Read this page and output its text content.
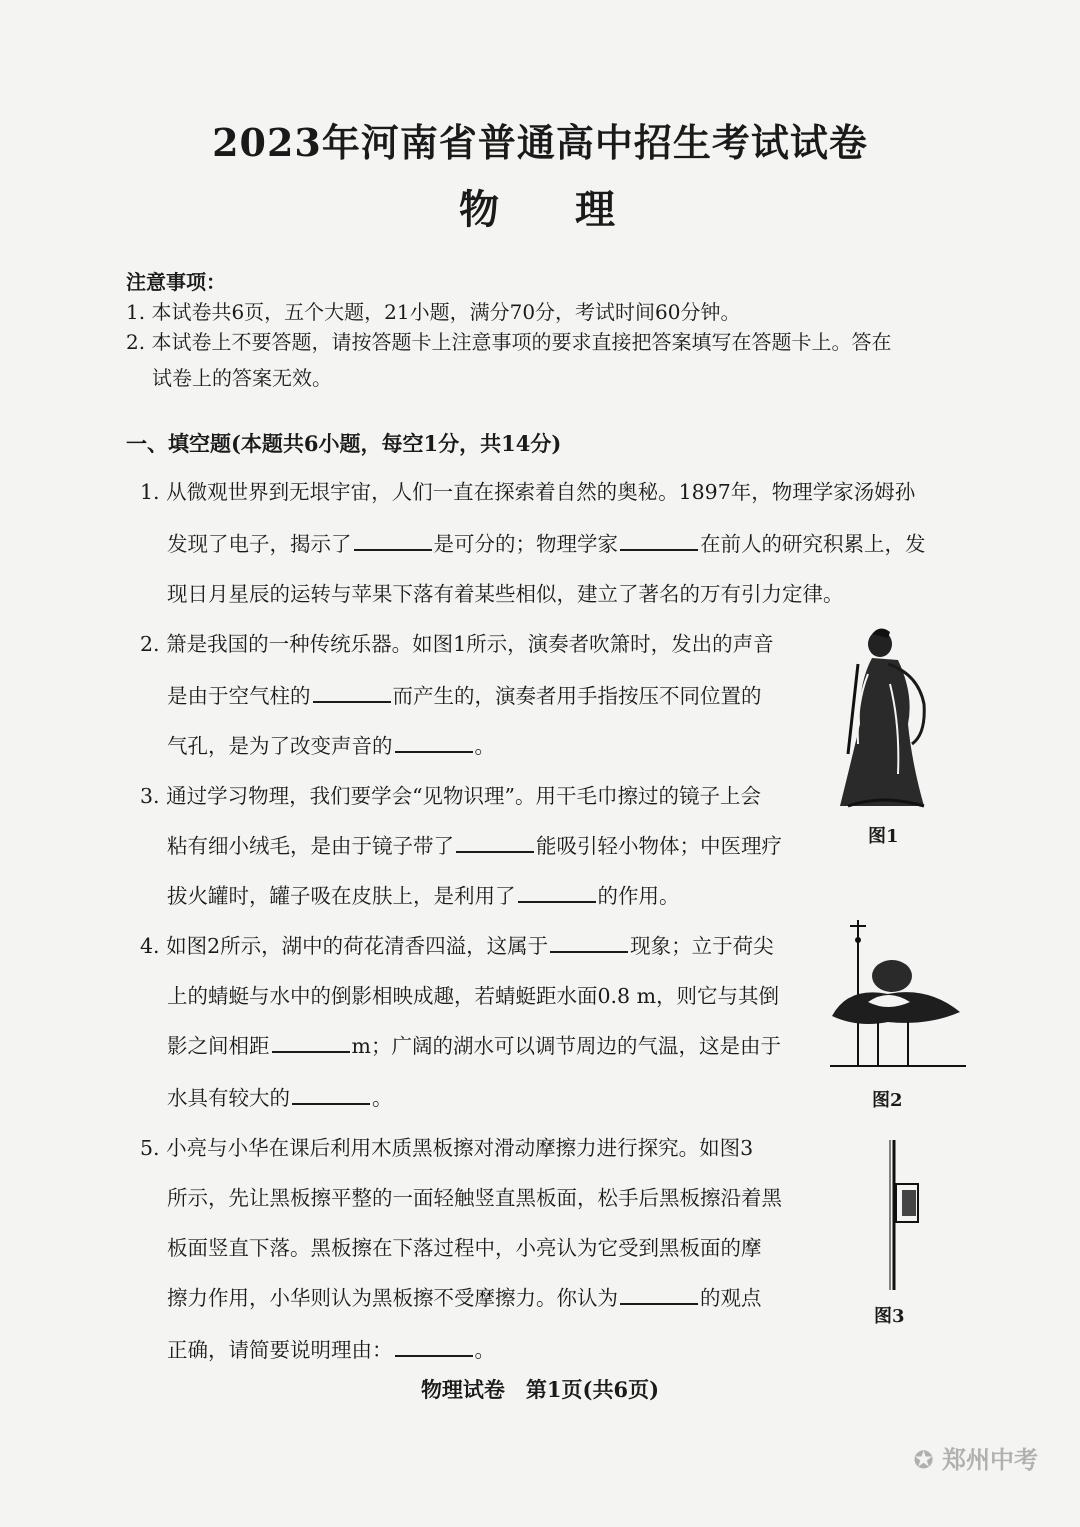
2023年河南省普通高中招生考试试卷
物理
注意事项：
1. 本试卷共6页，五个大题，21小题，满分70分，考试时间60分钟。
2. 本试卷上不要答题，请按答题卡上注意事项的要求直接把答案填写在答题卡上。答在
试卷上的答案无效。
一、填空题(本题共6小题，每空1分，共14分)
1. 从微观世界到无垠宇宙，人们一直在探索着自然的奥秘。1897年，物理学家汤姆孙
发现了电子，揭示了	是可分的；物理学家	在前人的研究积累上，发
现日月星辰的运转与苹果下落有着某些相似，建立了著名的万有引力定律。
2. 箫是我国的一种传统乐器。如图1所示，演奏者吹箫时，发出的声音
是由于空气柱的	而产生的，演奏者用手指按压不同位置的
气孔，是为了改变声音的	。
3. 通过学习物理，我们要学会“见物识理”。用干毛巾擦过的镜子上会
粘有细小绒毛，是由于镜子带了	能吸引轻小物体；中医理疗
拔火罐时，罐子吸在皮肤上，是利用了	的作用。
4. 如图2所示，湖中的荷花清香四溢，这属于	现象；立于荷尖
上的蜻蜓与水中的倒影相映成趣，若蜻蜓距水面0.8 m，则它与其倒
影之间相距	m；广阔的湖水可以调节周边的气温，这是由于
水具有较大的	。
5. 小亮与小华在课后利用木质黑板擦对滑动摩擦力进行探究。如图3
所示，先让黑板擦平整的一面轻触竖直黑板面，松手后黑板擦沿着黑
板面竖直下落。黑板擦在下落过程中，小亮认为它受到黑板面的摩
擦力作用，小华则认为黑板擦不受摩擦力。你认为	的观点
正确，请简要说明理由：	。
图1
图2
图3
物理试卷　第1页(共6页)
✪ 郑州中考
